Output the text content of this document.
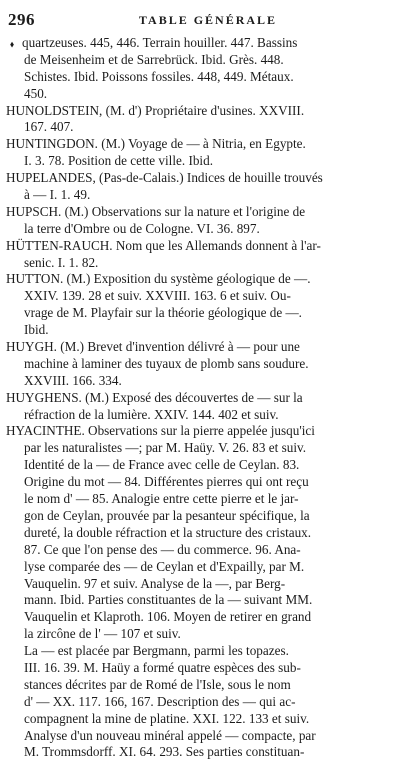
296	TABLE GÉNÉRALE
⬧ quartzeuses. 445, 446. Terrain houiller. 447. Bassins
de Meisenheim et de Sarrebrück. Ibid. Grès. 448.
Schistes. Ibid. Poissons fossiles. 448, 449. Métaux.
450.
HUNOLDSTEIN, (M. d') Propriétaire d'usines. XXVIII.
167. 407.
HUNTINGDON. (M.) Voyage de — à Nitria, en Egypte.
I. 3. 78. Position de cette ville. Ibid.
HUPELANDES, (Pas-de-Calais.) Indices de houille trouvés
à — I. 1. 49.
HUPSCH. (M.) Observations sur la nature et l'origine de
la terre d'Ombre ou de Cologne. VI. 36. 897.
HÜTTEN-RAUCH. Nom que les Allemands donnent à l'ar-
senic. I. 1. 82.
HUTTON. (M.) Exposition du système géologique de —.
XXIV. 139. 28 et suiv. XXVIII. 163. 6 et suiv. Ou-
vrage de M. Playfair sur la théorie géologique de —.
Ibid.
HUYGH. (M.) Brevet d'invention délivré à — pour une
machine à laminer des tuyaux de plomb sans soudure.
XXVIII. 166. 334.
HUYGHENS. (M.) Exposé des découvertes de — sur la
réfraction de la lumière. XXIV. 144. 402 et suiv.
HYACINTHE. Observations sur la pierre appelée jusqu'ici
par les naturalistes —; par M. Haüy. V. 26. 83 et suiv.
Identité de la — de France avec celle de Ceylan. 83.
Origine du mot — 84. Différentes pierres qui ont reçu
le nom d' — 85. Analogie entre cette pierre et le jar-
gon de Ceylan, prouvée par la pesanteur spécifique, la
dureté, la double réfraction et la structure des cristaux.
87. Ce que l'on pense des — du commerce. 96. Ana-
lyse comparée des — de Ceylan et d'Expailly, par M.
Vauquelin. 97 et suiv. Analyse de la —, par Berg-
mann. Ibid. Parties constituantes de la — suivant MM.
Vauquelin et Klaproth. 106. Moyen de retirer en grand
la zircône de l' — 107 et suiv.
La — est placée par Bergmann, parmi les topazes.
III. 16. 39. M. Haüy a formé quatre espèces des sub-
stances décrites par de Romé de l'Isle, sous le nom
d' — XX. 117. 166, 167. Description des — qui ac-
compagnent la mine de platine. XXI. 122. 133 et suiv.
Analyse d'un nouveau minéral appelé — compacte, par
M. Trommsdorff. XI. 64. 293. Ses parties constituan-
